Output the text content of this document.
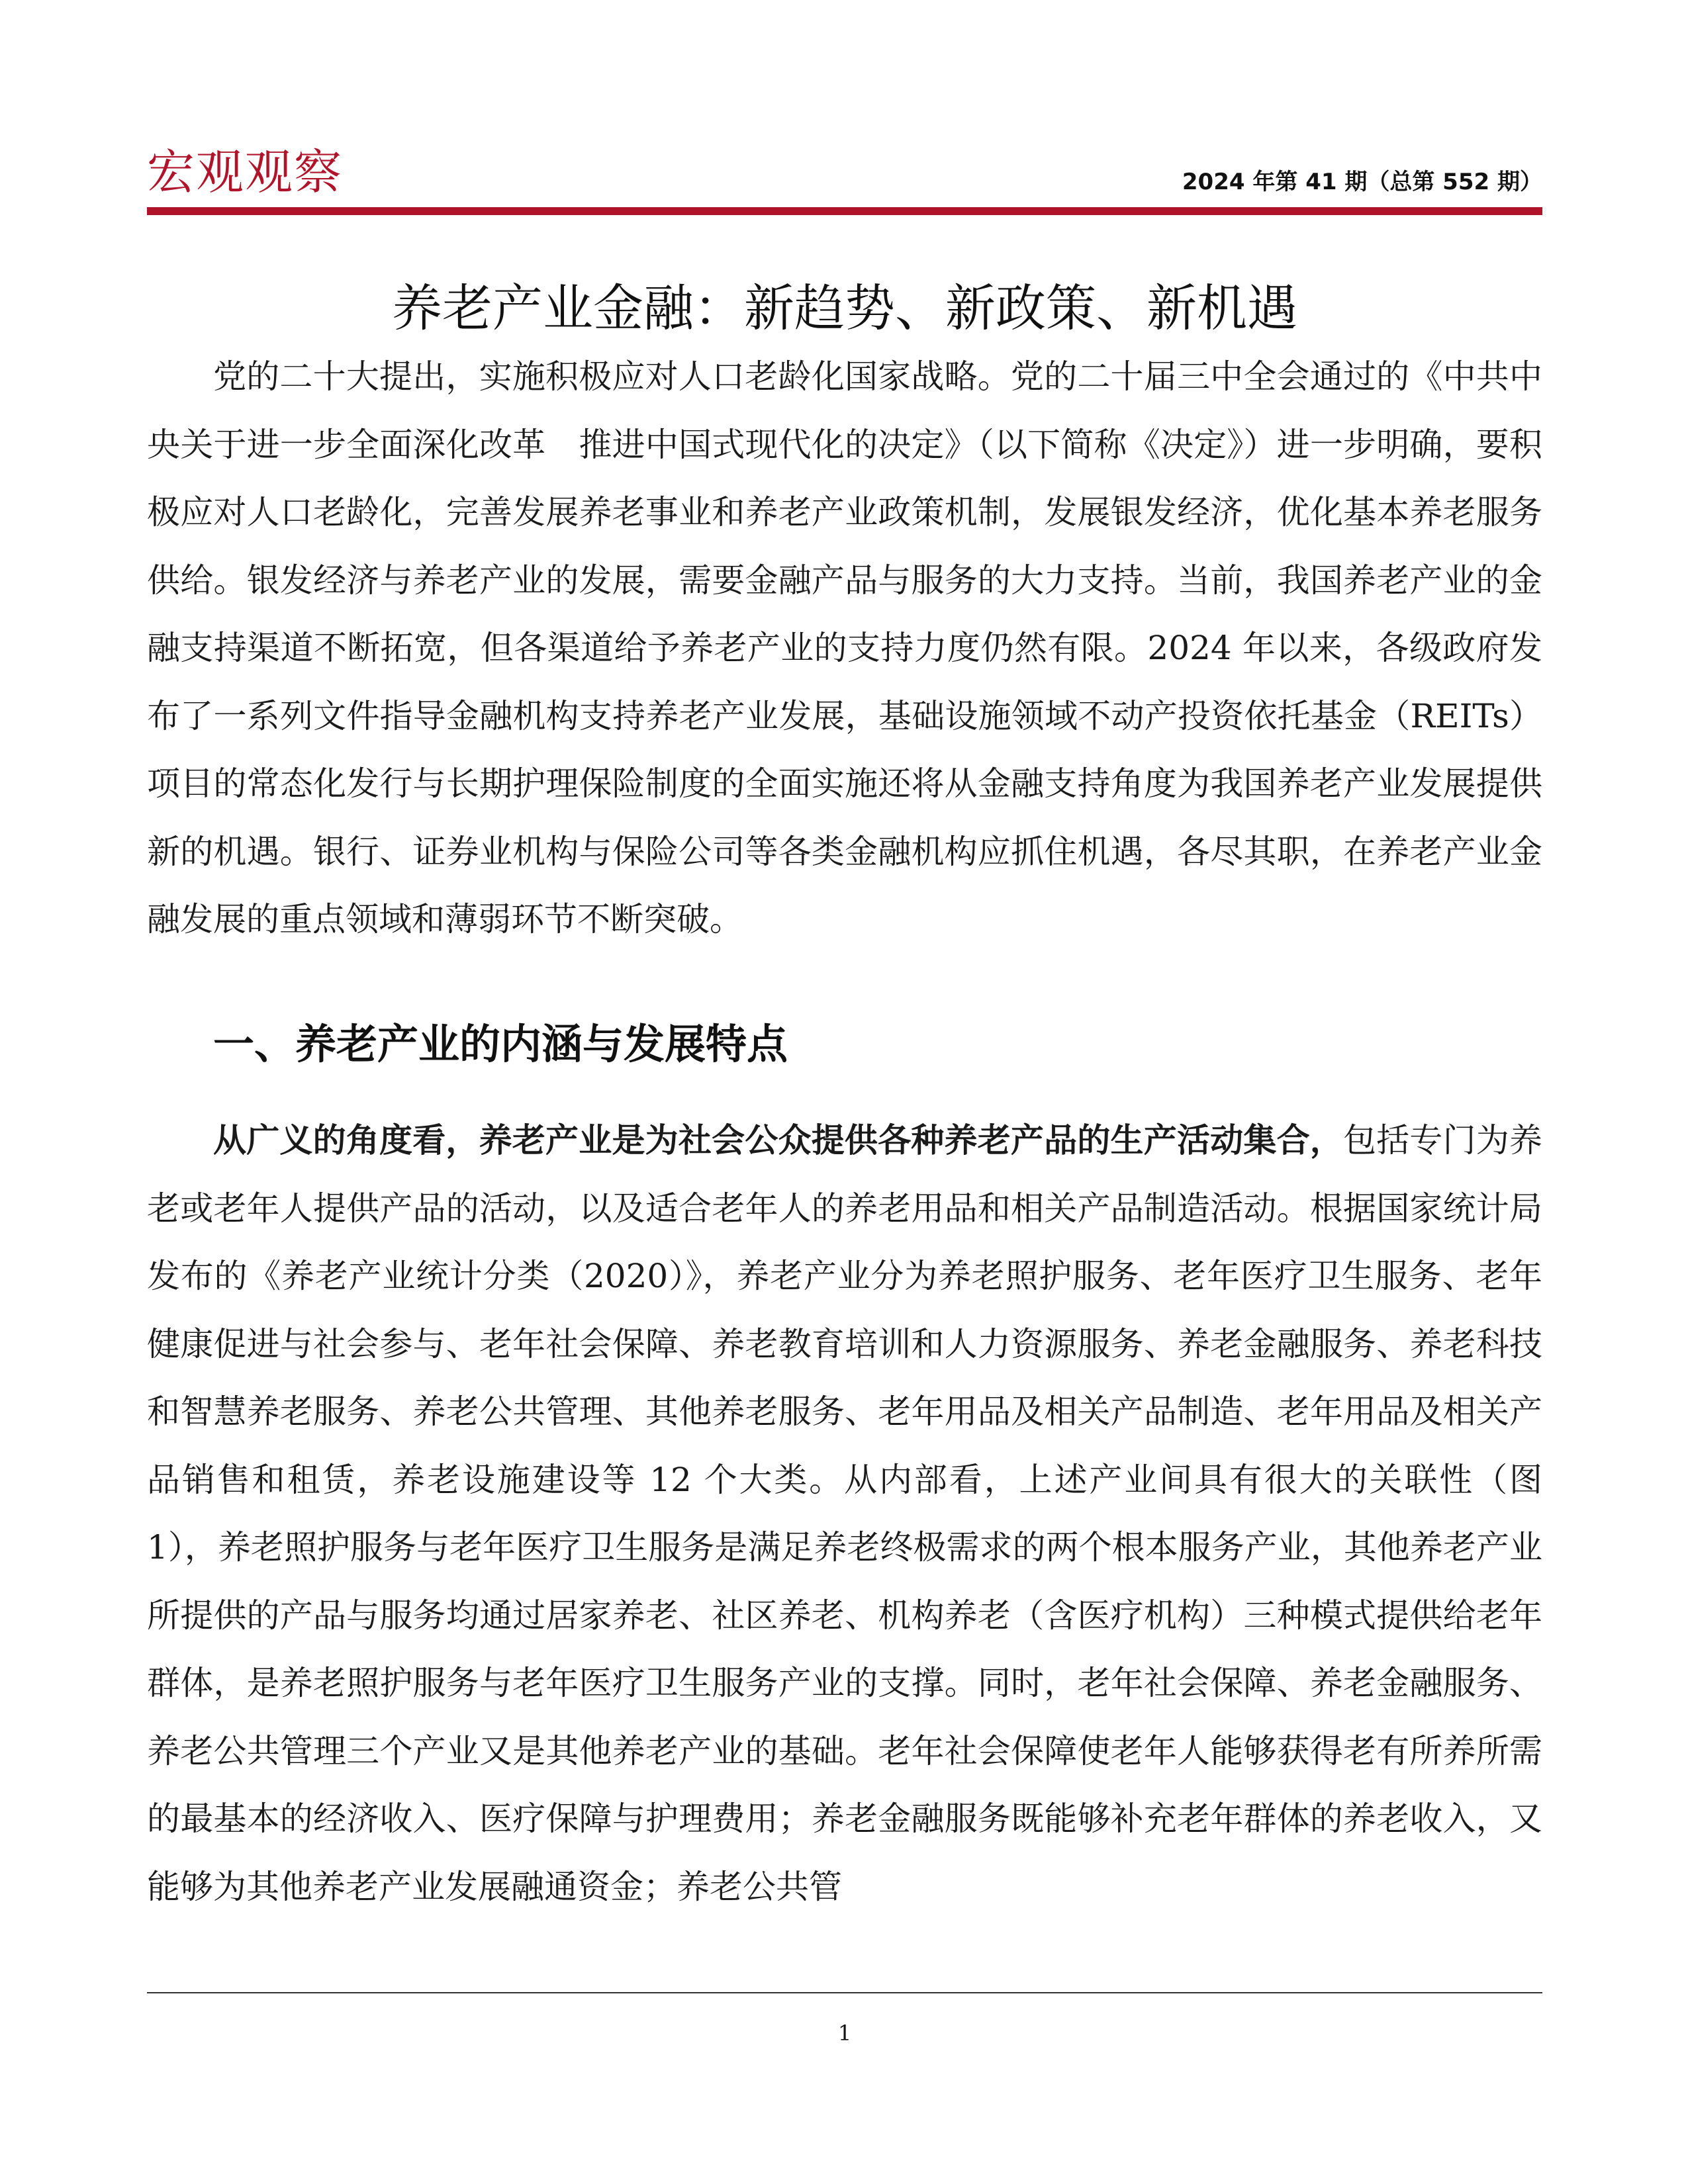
宏观观察	2024 年第 41 期（总第 552 期）
养老产业金融：新趋势、新政策、新机遇

党的二十大提出，实施积极应对人口老龄化国家战略。党的二十届三中全会通过的《中共中央关于进一步全面深化改革　推进中国式现代化的决定》（以下简称《决定》）进一步明确，要积极应对人口老龄化，完善发展养老事业和养老产业政策机制，发展银发经济，优化基本养老服务供给。银发经济与养老产业的发展，需要金融产品与服务的大力支持。当前，我国养老产业的金融支持渠道不断拓宽，但各渠道给予养老产业的支持力度仍然有限。2024 年以来，各级政府发布了一系列文件指导金融机构支持养老产业发展，基础设施领域不动产投资依托基金（REITs）项目的常态化发行与长期护理保险制度的全面实施还将从金融支持角度为我国养老产业发展提供新的机遇。银行、证券业机构与保险公司等各类金融机构应抓住机遇，各尽其职，在养老产业金融发展的重点领域和薄弱环节不断突破。

一、养老产业的内涵与发展特点

从广义的角度看，养老产业是为社会公众提供各种养老产品的生产活动集合，包括专门为养老或老年人提供产品的活动，以及适合老年人的养老用品和相关产品制造活动。根据国家统计局发布的《养老产业统计分类（2020）》，养老产业分为养老照护服务、老年医疗卫生服务、老年健康促进与社会参与、老年社会保障、养老教育培训和人力资源服务、养老金融服务、养老科技和智慧养老服务、养老公共管理、其他养老服务、老年用品及相关产品制造、老年用品及相关产品销售和租赁，养老设施建设等 12 个大类。从内部看，上述产业间具有很大的关联性（图 1），养老照护服务与老年医疗卫生服务是满足养老终极需求的两个根本服务产业，其他养老产业所提供的产品与服务均通过居家养老、社区养老、机构养老（含医疗机构）三种模式提供给老年群体，是养老照护服务与老年医疗卫生服务产业的支撑。同时，老年社会保障、养老金融服务、养老公共管理三个产业又是其他养老产业的基础。老年社会保障使老年人能够获得老有所养所需的最基本的经济收入、医疗保障与护理费用；养老金融服务既能够补充老年群体的养老收入，又能够为其他养老产业发展融通资金；养老公共管

1
